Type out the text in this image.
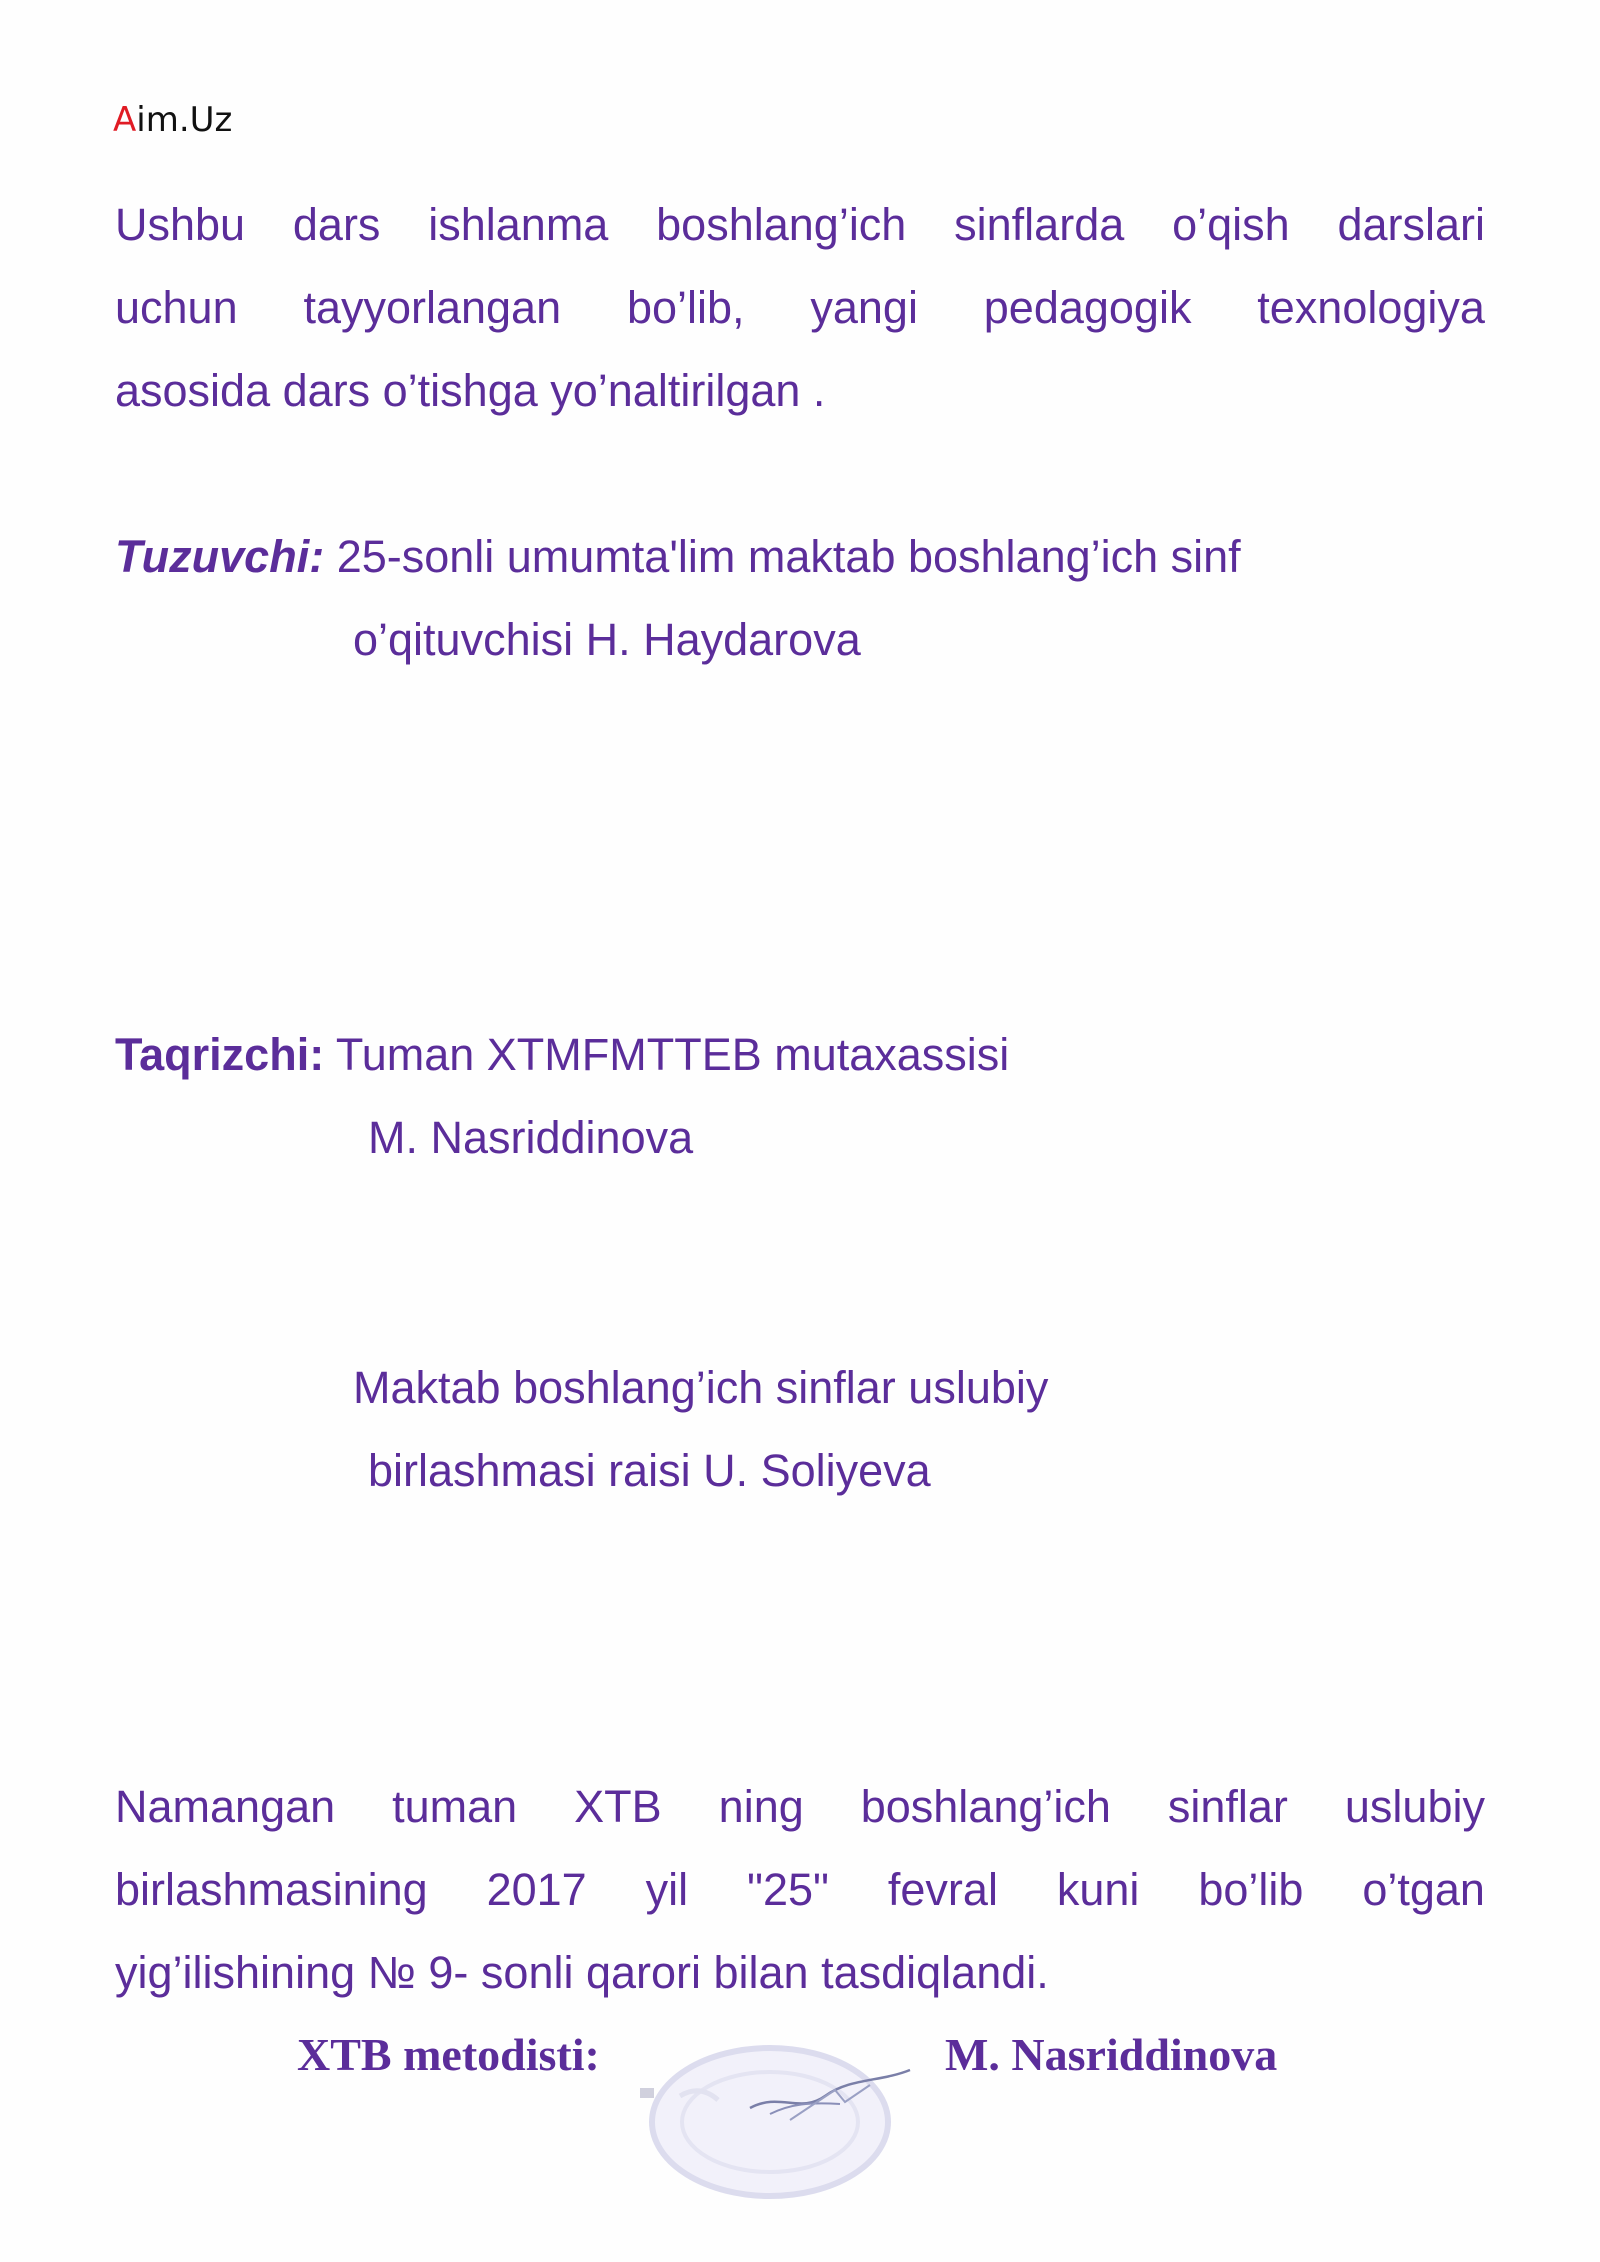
Aim.Uz
Ushbu dars ishlanma boshlang’ich sinflarda o’qish darslari
uchun tayyorlangan bo’lib, yangi pedagogik texnologiya
asosida dars o’tishga yo’naltirilgan .
Tuzuvchi: 25-sonli umumta'lim maktab boshlang’ich sinf
o’qituvchisi H. Haydarova
Taqrizchi: Tuman XTMFMTTEB mutaxassisi
M. Nasriddinova
Maktab boshlang’ich sinflar uslubiy
birlashmasi raisi U. Soliyeva
Namangan tuman XTB ning boshlang’ich sinflar uslubiy
birlashmasining 2017 yil "25" fevral kuni bo’lib o’tgan
yig’ilishining № 9- sonli qarori bilan tasdiqlandi.
XTB metodisti:	M. Nasriddinova
